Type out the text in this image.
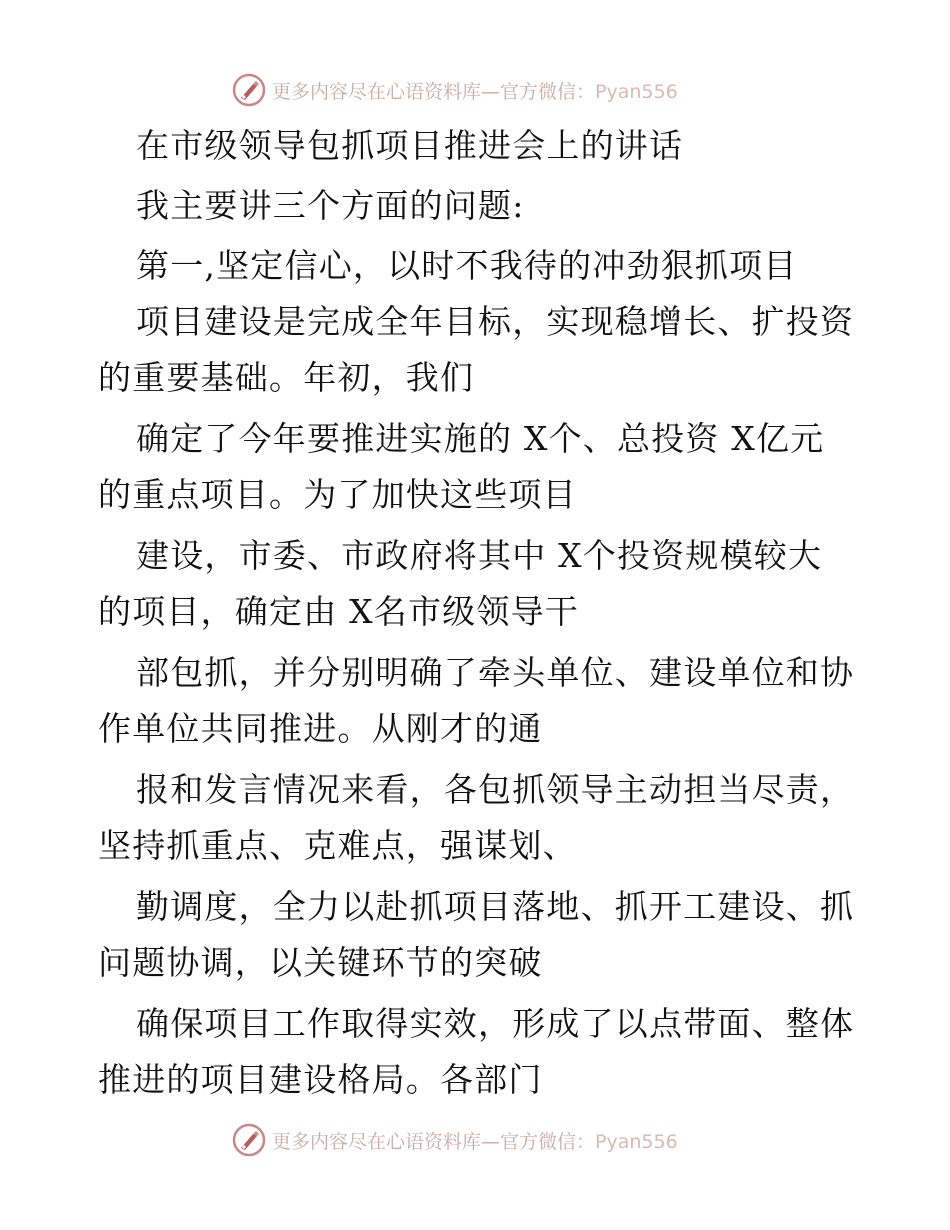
更多内容尽在心语资料库—官方微信：Pyan556
在市级领导包抓项目推进会上的讲话
我主要讲三个方面的问题:
第一,坚定信心，以时不我待的冲劲狠抓项目
项目建设是完成全年目标，实现稳增长、扩投资
的重要基础。年初，我们
确定了今年要推进实施的 X个、总投资 X亿元
的重点项目。为了加快这些项目
建设，市委、市政府将其中 X个投资规模较大
的项目，确定由 X名市级领导干
部包抓，并分别明确了牵头单位、建设单位和协
作单位共同推进。从刚才的通
报和发言情况来看，各包抓领导主动担当尽责，
坚持抓重点、克难点，强谋划、
勤调度，全力以赴抓项目落地、抓开工建设、抓
问题协调，以关键环节的突破
确保项目工作取得实效，形成了以点带面、整体
推进的项目建设格局。各部门
更多内容尽在心语资料库—官方微信：Pyan556
